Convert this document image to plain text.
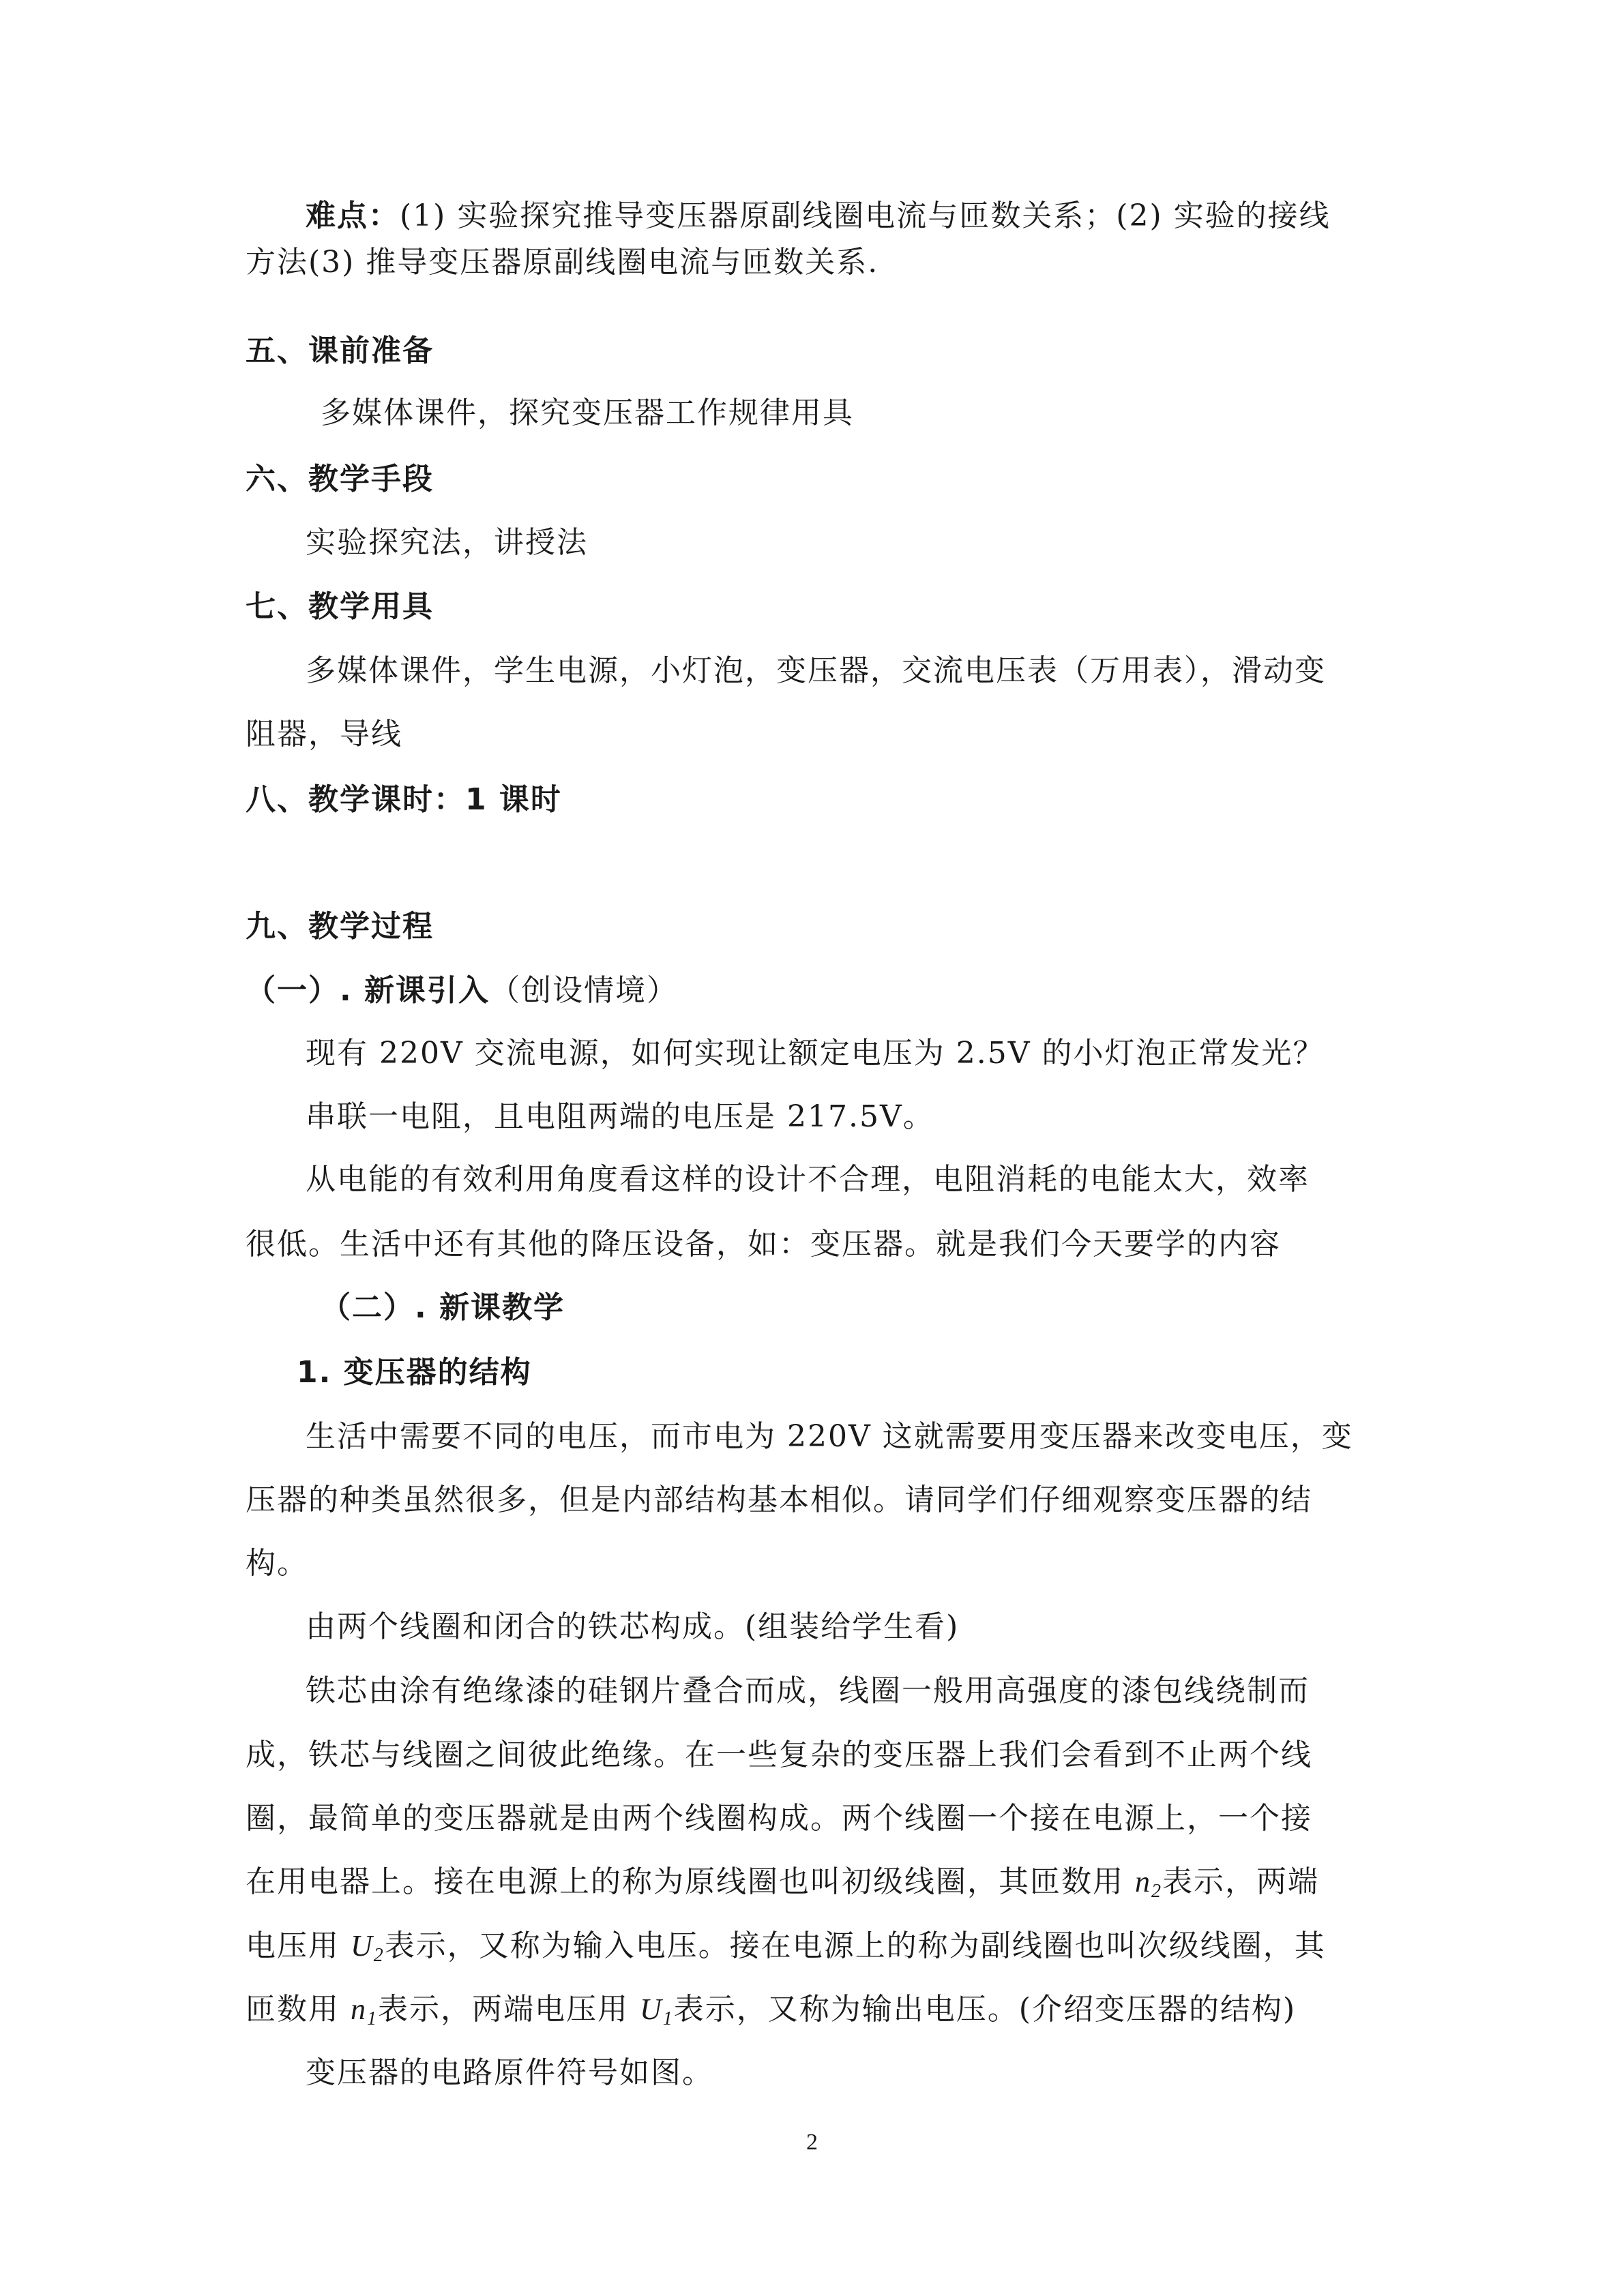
难点：(1) 实验探究推导变压器原副线圈电流与匝数关系；(2) 实验的接线
方法(3) 推导变压器原副线圈电流与匝数关系.
五、课前准备
多媒体课件，探究变压器工作规律用具
六、教学手段
实验探究法，讲授法
七、教学用具
多媒体课件，学生电源，小灯泡，变压器，交流电压表（万用表），滑动变
阻器，导线
八、教学课时：1 课时
九、教学过程
（一）. 新课引入（创设情境）
现有 220V 交流电源，如何实现让额定电压为 2.5V 的小灯泡正常发光？
串联一电阻，且电阻两端的电压是 217.5V。
从电能的有效利用角度看这样的设计不合理，电阻消耗的电能太大，效率
很低。生活中还有其他的降压设备，如：变压器。就是我们今天要学的内容
（二）. 新课教学
1. 变压器的结构
生活中需要不同的电压，而市电为 220V 这就需要用变压器来改变电压，变
压器的种类虽然很多，但是内部结构基本相似。请同学们仔细观察变压器的结
构。
由两个线圈和闭合的铁芯构成。(组装给学生看)
铁芯由涂有绝缘漆的硅钢片叠合而成，线圈一般用高强度的漆包线绕制而
成，铁芯与线圈之间彼此绝缘。在一些复杂的变压器上我们会看到不止两个线
圈，最简单的变压器就是由两个线圈构成。两个线圈一个接在电源上，一个接
在用电器上。接在电源上的称为原线圈也叫初级线圈，其匝数用 $n_2$表示，两端
电压用 $U_2$表示，又称为输入电压。接在电源上的称为副线圈也叫次级线圈，其
匝数用 $n_1$表示，两端电压用 $U_1$表示，又称为输出电压。(介绍变压器的结构)
变压器的电路原件符号如图。
2
